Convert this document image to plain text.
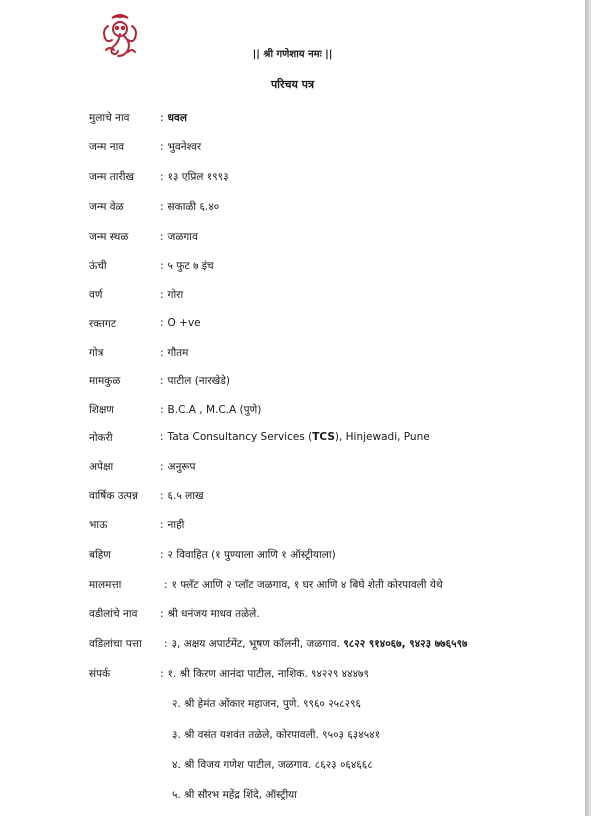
|| श्री गणेशाय नमः ||
परिचय पत्र
मुलाचे नाव	: धवल
जन्म नाव	: भुवनेश्वर
जन्म तारीख : १३ एप्रिल १९९३
जन्म वेळ	: सकाळी ६.४०
जन्म स्थळ	: जळगाव
ऊंची	: ५ फुट ७ इंच
वर्ण	: गोरा
रक्तगट	: O +ve
गोत्र	: गौतम
मामकुळ	: पाटील (नारखेडे)
शिक्षण	: B.C.A , M.C.A (पुणे)
नोकरी	: Tata Consultancy Services (TCS), Hinjewadi, Pune
अपेक्षा	: अनुरूप
वार्षिक उत्पन्न : ६.५ लाख
भाऊ	: नाही
बहिण	: २ विवाहित (१ पुण्याला आणि १ ऑस्ट्रीयाला)
मालमत्ता	: १ फ्लॅट आणि २ प्लॉट जळगाव, १ घर आणि ४ बिघे शेती कोरपावली येथे
वडीलांचे नाव : श्री धनंजय माधव तळेले.
वडिलांचा पत्ता : ३, अक्षय अपार्टमेंट, भूषण कॉलनी, जळगाव. ९८२२ ९१४०६७, ९४२३ ७७६५९७
संपर्क	: १. श्री किरण आनंदा पाटील, नाशिक. ९४२२९ ४४४७९
२. श्री हेमंत ओंकार महाजन, पुणे. ९९६० २५८२९६
३. श्री वसंत यशवंत तळेले, कोरपावली. ९५०३ ६३४५४१
४. श्री विजय गणेश पाटील, जळगाव. ८६२३ ०६४६६८
५. श्री सौरभ महेंद्र शिंदे, ऑस्ट्रीया
